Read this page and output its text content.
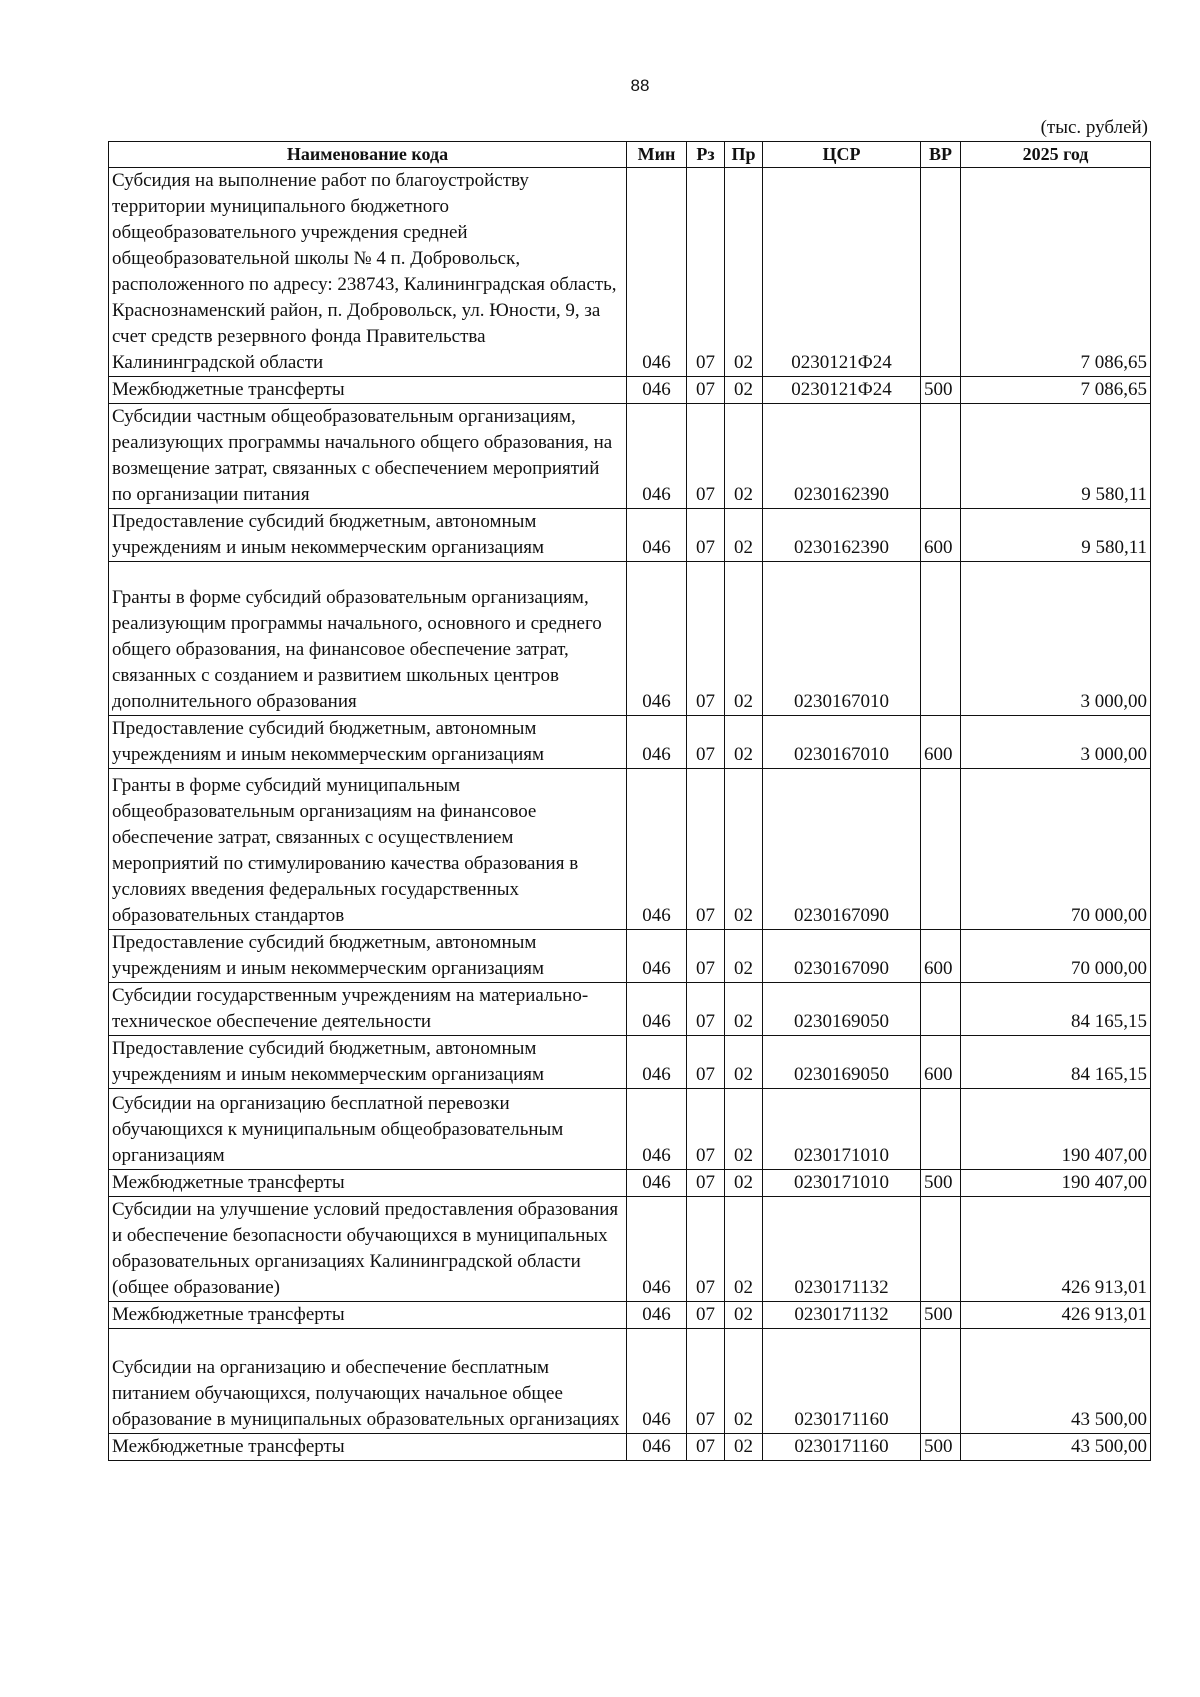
88
(тыс. рублей)
Наименование кода	Мин	Рз	Пр	ЦСР	ВР	2025 год
Субсидия на выполнение работ по благоустройству территории муниципального бюджетного общеобразовательного учреждения средней общеобразовательной школы № 4 п. Добровольск, расположенного по адресу: 238743, Калининградская область, Краснознаменский район, п. Добровольск, ул. Юности, 9, за счет средств резервного фонда Правительства Калининградской области	046	07	02	0230121Ф24		7 086,65
Межбюджетные трансферты	046	07	02	0230121Ф24	500	7 086,65
Субсидии частным общеобразовательным организациям, реализующих программы начального общего образования, на возмещение затрат, связанных с обеспечением мероприятий по организации питания	046	07	02	0230162390		9 580,11
Предоставление субсидий бюджетным, автономным учреждениям и иным некоммерческим организациям	046	07	02	0230162390	600	9 580,11
Гранты в форме субсидий образовательным организациям, реализующим программы начального, основного и среднего общего образования, на финансовое обеспечение затрат, связанных с созданием и развитием школьных центров дополнительного образования	046	07	02	0230167010		3 000,00
Предоставление субсидий бюджетным, автономным учреждениям и иным некоммерческим организациям	046	07	02	0230167010	600	3 000,00
Гранты в форме субсидий муниципальным общеобразовательным организациям на финансовое обеспечение затрат, связанных с осуществлением мероприятий по стимулированию качества образования в условиях введения федеральных государственных образовательных стандартов	046	07	02	0230167090		70 000,00
Предоставление субсидий бюджетным, автономным учреждениям и иным некоммерческим организациям	046	07	02	0230167090	600	70 000,00
Субсидии государственным учреждениям на материально-техническое обеспечение деятельности	046	07	02	0230169050		84 165,15
Предоставление субсидий бюджетным, автономным учреждениям и иным некоммерческим организациям	046	07	02	0230169050	600	84 165,15
Субсидии на организацию бесплатной перевозки обучающихся к муниципальным общеобразовательным организациям	046	07	02	0230171010		190 407,00
Межбюджетные трансферты	046	07	02	0230171010	500	190 407,00
Субсидии на улучшение условий предоставления образования и обеспечение безопасности обучающихся в муниципальных образовательных организациях Калининградской области (общее образование)	046	07	02	0230171132		426 913,01
Межбюджетные трансферты	046	07	02	0230171132	500	426 913,01
Субсидии на организацию и обеспечение бесплатным питанием обучающихся, получающих начальное общее образование в муниципальных образовательных организациях	046	07	02	0230171160		43 500,00
Межбюджетные трансферты	046	07	02	0230171160	500	43 500,00
